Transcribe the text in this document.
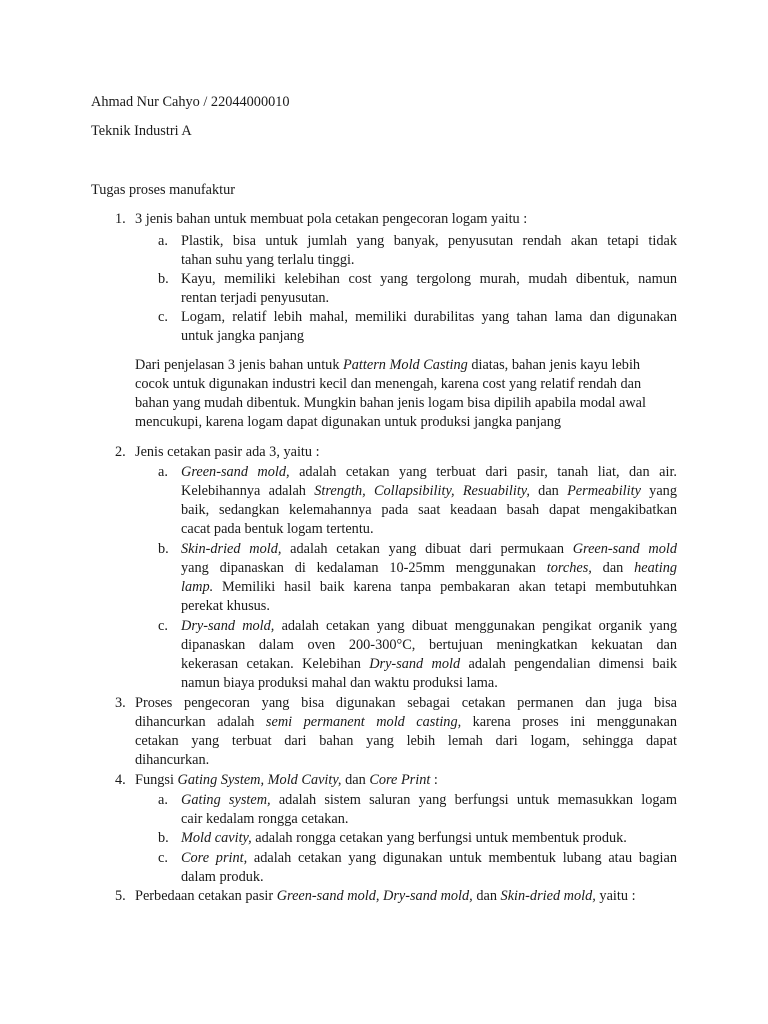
Ahmad Nur Cahyo / 22044000010
Teknik Industri A
Tugas proses manufaktur
1. 3 jenis bahan untuk membuat pola cetakan pengecoran logam yaitu :
a. Plastik, bisa untuk jumlah yang banyak, penyusutan rendah akan tetapi tidak
tahan suhu yang terlalu tinggi.
b. Kayu, memiliki kelebihan cost yang tergolong murah, mudah dibentuk, namun
rentan terjadi penyusutan.
c. Logam, relatif lebih mahal, memiliki durabilitas yang tahan lama dan digunakan
untuk jangka panjang
Dari penjelasan 3 jenis bahan untuk Pattern Mold Casting diatas, bahan jenis kayu lebih
cocok untuk digunakan industri kecil dan menengah, karena cost yang relatif rendah dan
bahan yang mudah dibentuk. Mungkin bahan jenis logam bisa dipilih apabila modal awal
mencukupi, karena logam dapat digunakan untuk produksi jangka panjang
2. Jenis cetakan pasir ada 3, yaitu :
a. Green-sand mold, adalah cetakan yang terbuat dari pasir, tanah liat, dan air.
Kelebihannya adalah Strength, Collapsibility, Resuability, dan Permeability yang
baik, sedangkan kelemahannya pada saat keadaan basah dapat mengakibatkan
cacat pada bentuk logam tertentu.
b. Skin-dried mold, adalah cetakan yang dibuat dari permukaan Green-sand mold
yang dipanaskan di kedalaman 10-25mm menggunakan torches, dan heating
lamp. Memiliki hasil baik karena tanpa pembakaran akan tetapi membutuhkan
perekat khusus.
c. Dry-sand mold, adalah cetakan yang dibuat menggunakan pengikat organik yang
dipanaskan dalam oven 200-300°C, bertujuan meningkatkan kekuatan dan
kekerasan cetakan. Kelebihan Dry-sand mold adalah pengendalian dimensi baik
namun biaya produksi mahal dan waktu produksi lama.
3. Proses pengecoran yang bisa digunakan sebagai cetakan permanen dan juga bisa
dihancurkan adalah semi permanent mold casting, karena proses ini menggunakan
cetakan yang terbuat dari bahan yang lebih lemah dari logam, sehingga dapat
dihancurkan.
4. Fungsi Gating System, Mold Cavity, dan Core Print :
a. Gating system, adalah sistem saluran yang berfungsi untuk memasukkan logam
cair kedalam rongga cetakan.
b. Mold cavity, adalah rongga cetakan yang berfungsi untuk membentuk produk.
c. Core print, adalah cetakan yang digunakan untuk membentuk lubang atau bagian
dalam produk.
5. Perbedaan cetakan pasir Green-sand mold, Dry-sand mold, dan Skin-dried mold, yaitu :
